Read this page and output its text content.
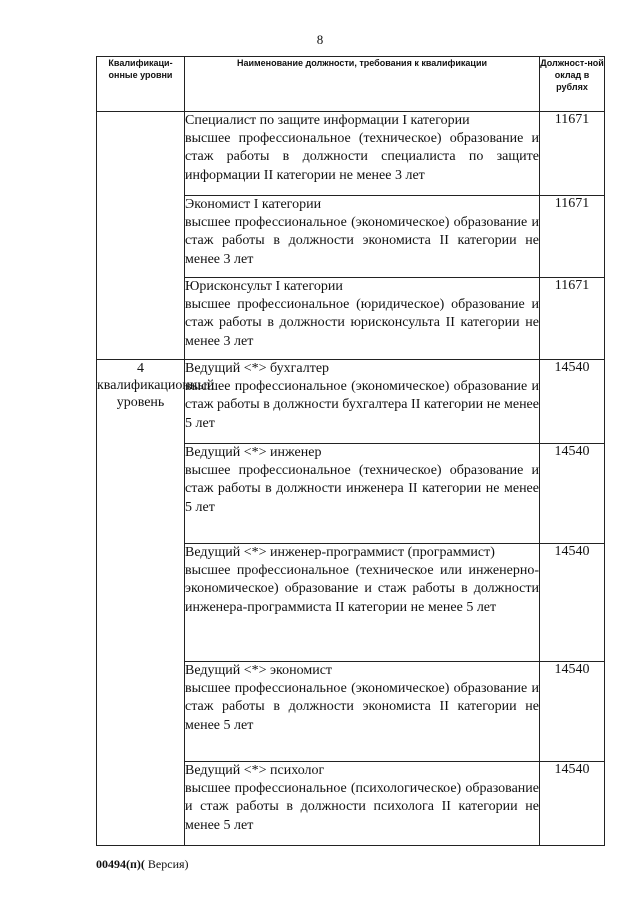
8
Квалификаци-онные уровни	Наименование должности, требования к квалификации	Должност-ной оклад в рублях

	Специалист по защите информации I категории
высшее профессиональное (техническое) образование и стаж работы в должности специалиста по защите информации II категории не менее 3 лет	11671

	Экономист I категории
высшее профессиональное (экономическое) образование и стаж работы в должности экономиста II категории не менее 3 лет	11671

	Юрисконсульт I категории
высшее профессиональное (юридическое) образование и стаж работы в должности юрисконсульта II категории не менее 3 лет	11671
4 квалификационный уровень	Ведущий <*> бухгалтер
высшее профессиональное (экономическое) образование и стаж работы в должности бухгалтера II категории не менее 5 лет	14540

	Ведущий <*> инженер
высшее профессиональное (техническое) образование и стаж работы в должности инженера II категории не менее 5 лет	14540

	Ведущий <*> инженер-программист (программист)
высшее профессиональное (техническое или инженерно-экономическое) образование и стаж работы в должности инженера-программиста II категории не менее 5 лет	14540

	Ведущий <*> экономист
высшее профессиональное (экономическое) образование и стаж работы в должности экономиста II категории не менее 5 лет	14540

	Ведущий <*> психолог
высшее профессиональное (психологическое) образование и стаж работы в должности психолога II категории не менее 5 лет	14540
00494(п)( Версия)
